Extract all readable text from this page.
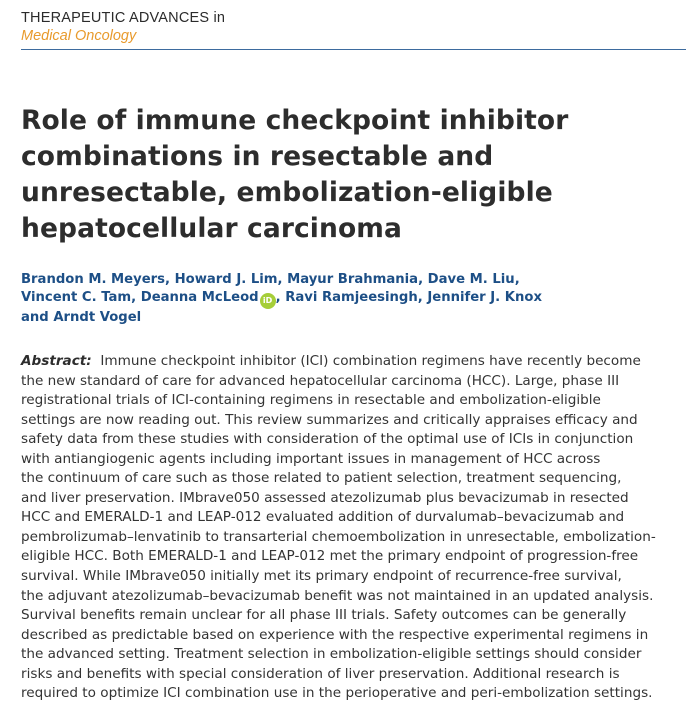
THERAPEUTIC ADVANCES in
Medical Oncology
Role of immune checkpoint inhibitor
combinations in resectable and
unresectable, embolization-eligible
hepatocellular carcinoma
Brandon M. Meyers, Howard J. Lim, Mayur Brahmania, Dave M. Liu,
Vincent C. Tam, Deanna McLeod iD , Ravi Ramjeesingh, Jennifer J. Knox
and Arndt Vogel
Abstract: Immune checkpoint inhibitor (ICI) combination regimens have recently become
the new standard of care for advanced hepatocellular carcinoma (HCC). Large, phase III
registrational trials of ICI-containing regimens in resectable and embolization-eligible
settings are now reading out. This review summarizes and critically appraises efficacy and
safety data from these studies with consideration of the optimal use of ICIs in conjunction
with antiangiogenic agents including important issues in management of HCC across
the continuum of care such as those related to patient selection, treatment sequencing,
and liver preservation. IMbrave050 assessed atezolizumab plus bevacizumab in resected
HCC and EMERALD-1 and LEAP-012 evaluated addition of durvalumab–bevacizumab and
pembrolizumab–lenvatinib to transarterial chemoembolization in unresectable, embolization-
eligible HCC. Both EMERALD-1 and LEAP-012 met the primary endpoint of progression-free
survival. While IMbrave050 initially met its primary endpoint of recurrence-free survival,
the adjuvant atezolizumab–bevacizumab benefit was not maintained in an updated analysis.
Survival benefits remain unclear for all phase III trials. Safety outcomes can be generally
described as predictable based on experience with the respective experimental regimens in
the advanced setting. Treatment selection in embolization-eligible settings should consider
risks and benefits with special consideration of liver preservation. Additional research is
required to optimize ICI combination use in the perioperative and peri-embolization settings.
